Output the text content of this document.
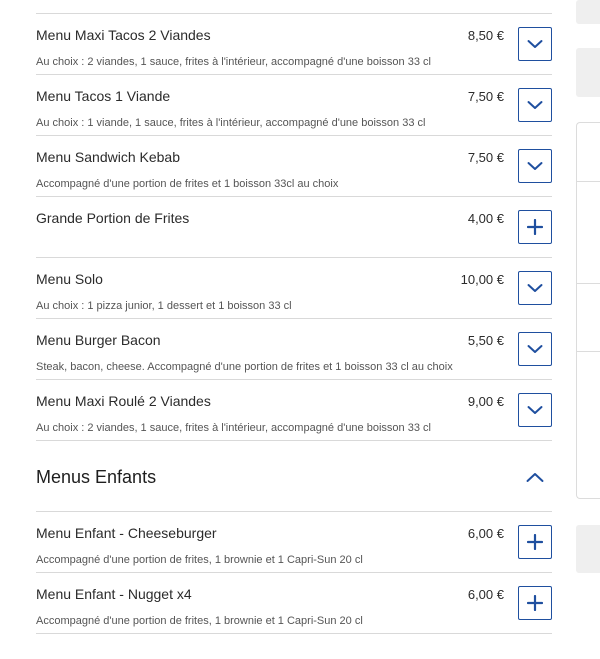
Menu Maxi Tacos 2 Viandes
Au choix : 2 viandes, 1 sauce, frites à l'intérieur, accompagné d'une boisson 33 cl
8,50 €
Menu Tacos 1 Viande
Au choix : 1 viande, 1 sauce, frites à l'intérieur, accompagné d'une boisson 33 cl
7,50 €
Menu Sandwich Kebab
Accompagné d'une portion de frites et 1 boisson 33cl au choix
7,50 €
Grande Portion de Frites	4,00 €
Menu Solo
Au choix : 1 pizza junior, 1 dessert et 1 boisson 33 cl
10,00 €
Menu Burger Bacon
Steak, bacon, cheese. Accompagné d'une portion de frites et 1 boisson 33 cl au choix
5,50 €
Menu Maxi Roulé 2 Viandes
Au choix : 2 viandes, 1 sauce, frites à l'intérieur, accompagné d'une boisson 33 cl
9,00 €
Menus Enfants
Menu Enfant - Cheeseburger
Accompagné d'une portion de frites, 1 brownie et 1 Capri-Sun 20 cl
6,00 €
Menu Enfant - Nugget x4
Accompagné d'une portion de frites, 1 brownie et 1 Capri-Sun 20 cl
6,00 €
